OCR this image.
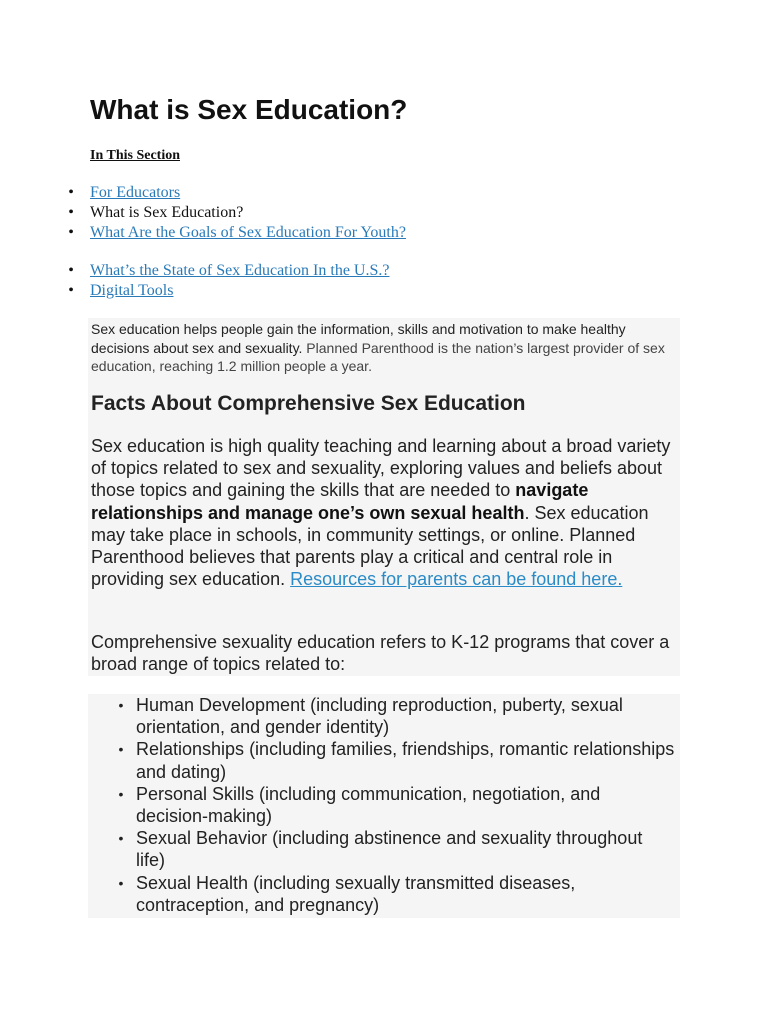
What is Sex Education?
In This Section
• For Educators
• What is Sex Education?
• What Are the Goals of Sex Education For Youth?
• What’s the State of Sex Education In the U.S.?
• Digital Tools

Sex education helps people gain the information, skills and motivation to make healthy decisions about sex and sexuality. Planned Parenthood is the nation’s largest provider of sex education, reaching 1.2 million people a year.

Facts About Comprehensive Sex Education

Sex education is high quality teaching and learning about a broad variety of topics related to sex and sexuality, exploring values and beliefs about those topics and gaining the skills that are needed to navigate relationships and manage one’s own sexual health. Sex education may take place in schools, in community settings, or online. Planned Parenthood believes that parents play a critical and central role in providing sex education. Resources for parents can be found here.

Comprehensive sexuality education refers to K-12 programs that cover a broad range of topics related to:

• Human Development (including reproduction, puberty, sexual orientation, and gender identity)
• Relationships (including families, friendships, romantic relationships and dating)
• Personal Skills (including communication, negotiation, and decision-making)
• Sexual Behavior (including abstinence and sexuality throughout life)
• Sexual Health (including sexually transmitted diseases, contraception, and pregnancy)
